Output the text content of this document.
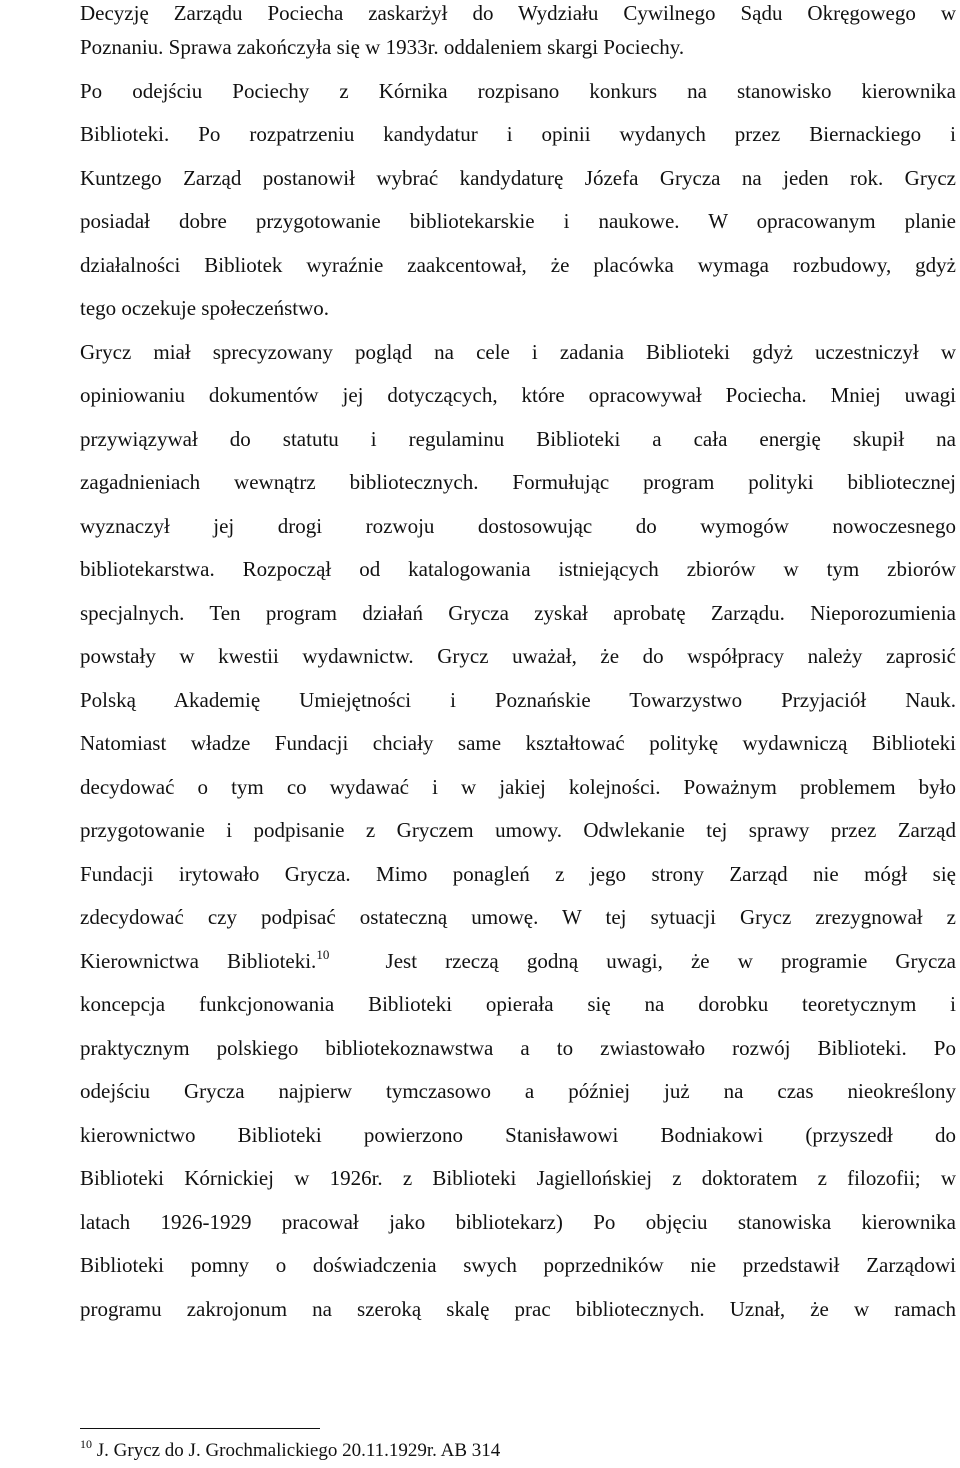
Decyzję Zarządu Pociecha zaskarżył do Wydziału Cywilnego Sądu Okręgowego w
Poznaniu. Sprawa zakończyła się w 1933r. oddaleniem skargi Pociechy.
Po odejściu Pociechy z Kórnika rozpisano konkurs na stanowisko kierownika
Biblioteki. Po rozpatrzeniu kandydatur i opinii wydanych przez Biernackiego i
Kuntzego Zarząd postanowił wybrać kandydaturę Józefa Grycza na jeden rok. Grycz
posiadał dobre przygotowanie bibliotekarskie i naukowe. W opracowanym planie
działalności Bibliotek wyraźnie zaakcentował, że placówka wymaga rozbudowy, gdyż
tego oczekuje społeczeństwo.
Grycz miał sprecyzowany pogląd na cele i zadania Biblioteki gdyż uczestniczył w
opiniowaniu dokumentów jej dotyczących, które opracowywał Pociecha. Mniej uwagi
przywiązywał do statutu i regulaminu Biblioteki a cała energię skupił na
zagadnieniach wewnątrz bibliotecznych. Formułując program polityki bibliotecznej
wyznaczył jej drogi rozwoju dostosowując do wymogów nowoczesnego
bibliotekarstwa. Rozpoczął od katalogowania istniejących zbiorów w tym zbiorów
specjalnych. Ten program działań Grycza zyskał aprobatę Zarządu. Nieporozumienia
powstały w kwestii wydawnictw. Grycz uważał, że do współpracy należy zaprosić
Polską Akademię Umiejętności i Poznańskie Towarzystwo Przyjaciół Nauk.
Natomiast władze Fundacji chciały same kształtować politykę wydawniczą Biblioteki
decydować o tym co wydawać i w jakiej kolejności. Poważnym problemem było
przygotowanie i podpisanie z Gryczem umowy. Odwlekanie tej sprawy przez Zarząd
Fundacji irytowało Grycza. Mimo ponagleń z jego strony Zarząd nie mógł się
zdecydować czy podpisać ostateczną umowę. W tej sytuacji Grycz zrezygnował z
Kierownictwa Biblioteki.$^{10}$	Jest rzeczą godną uwagi, że w programie Grycza
koncepcja funkcjonowania Biblioteki opierała się na dorobku teoretycznym i
praktycznym polskiego bibliotekoznawstwa a to zwiastowało rozwój Biblioteki. Po
odejściu Grycza najpierw tymczasowo a później już na czas nieokreślony
kierownictwo Biblioteki powierzono Stanisławowi Bodniakowi (przyszedł do
Biblioteki Kórnickiej w 1926r. z Biblioteki Jagiellońskiej z doktoratem z filozofii; w
latach 1926-1929 pracował jako bibliotekarz) Po objęciu stanowiska kierownika
Biblioteki pomny o doświadczenia swych poprzedników nie przedstawił Zarządowi
programu zakrojonum na szeroką skalę prac bibliotecznych. Uznał, że w ramach
$^{10}$ J. Grycz do J. Grochmalickiego 20.11.1929r. AB 314
